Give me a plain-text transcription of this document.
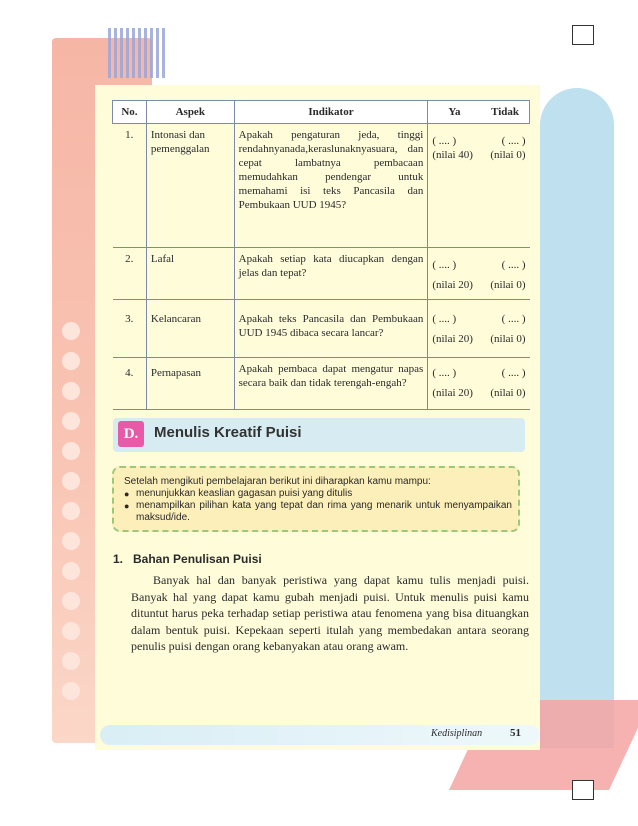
No.	Aspek	Indikator	Ya Tidak

1.	Intonasi dan pemenggalan	Apakah pengaturan jeda, tinggi rendahnyanada,keraslunaknyasuara, dan cepat lambatnya pembacaan memudahkan pendengar untuk memahami isi teks Pancasila dan Pembukaan UUD 1945?	( .... ) ( .... )
(nilai 40) (nilai 0)

2.	Lafal	Apakah setiap kata diucapkan dengan jelas dan tepat?	( .... ) ( .... )
(nilai 20) (nilai 0)

3.	Kelancaran	Apakah teks Pancasila dan Pembukaan UUD 1945 dibaca secara lancar?	( .... ) ( .... )
(nilai 20) (nilai 0)

4.	Pernapasan	Apakah pembaca dapat mengatur napas secara baik dan tidak terengah-engah?	( .... ) ( .... )
(nilai 20) (nilai 0)
D.	Menulis Kreatif Puisi
Setelah mengikuti pembelajaran berikut ini diharapkan kamu mampu:
● menunjukkan keaslian gagasan puisi yang ditulis
● menampilkan pilihan kata yang tepat dan rima yang menarik untuk menyampaikan maksud/ide.
1.   Bahan Penulisan Puisi
Banyak hal dan banyak peristiwa yang dapat kamu tulis menjadi puisi. Banyak hal yang dapat kamu gubah menjadi puisi. Untuk menulis puisi kamu dituntut harus peka terhadap setiap peristiwa atau fenomena yang bisa dituangkan dalam bentuk puisi. Kepekaan seperti itulah yang membedakan antara seorang penulis puisi dengan orang kebanyakan atau orang awam.
Kedisiplinan	51
